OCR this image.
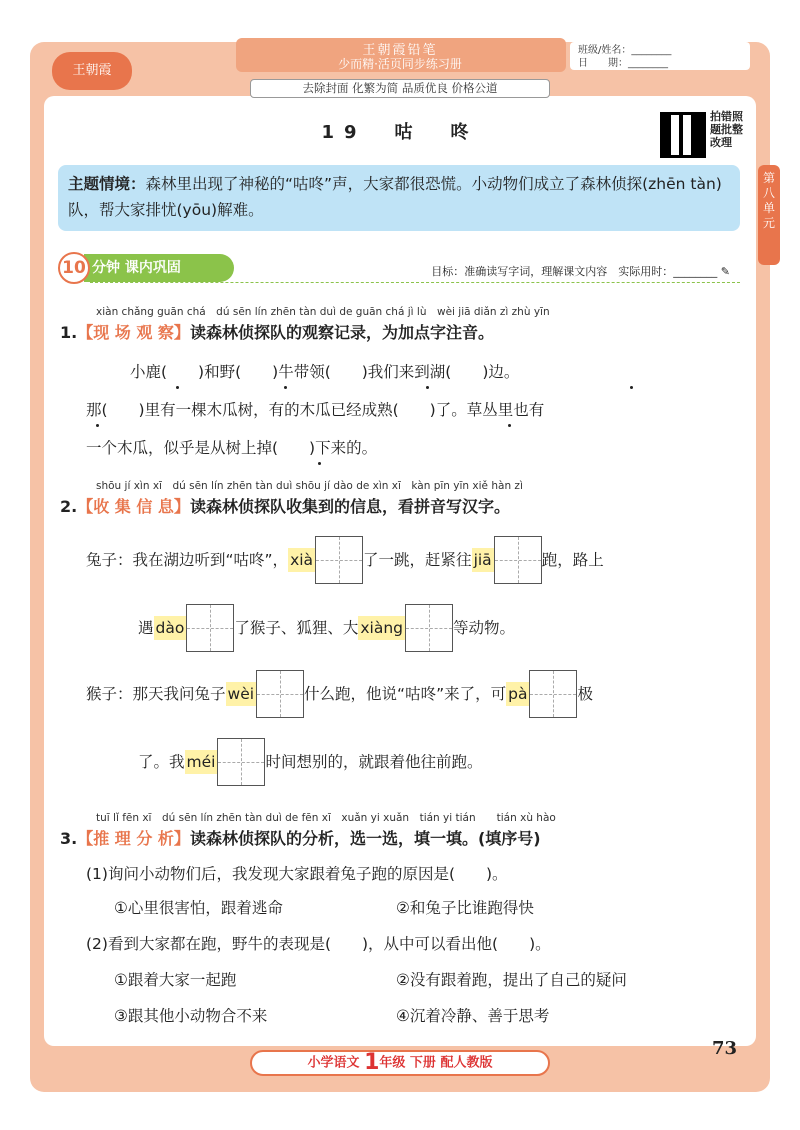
王朝霞
王朝霞铅笔
少而精·活页同步练习册
去除封面 化繁为简 品质优良 价格公道
班级/姓名：________
日　　期：________
19　咕　咚
拍错照题批整改理
主题情境：森林里出现了神秘的“咕咚”声，大家都很恐慌。小动物们成立了森林侦探(zhēn tàn)队，帮大家排忧(yōu)解难。
第八单元
分钟 课内巩固
10	目标：准确读写字词，理解课文内容　实际用时：________ ✎
xiàn chǎng guān chá　dú sēn lín zhēn tàn duì de guān chá jì lù　wèi jiā diǎn zì zhù yīn
1.【现 场 观 察】读森林侦探队的观察记录，为加点字注音。
小鹿(　　)和野(　　)牛带领(　　)我们来到湖(　　)边。
那(　　)里有一棵木瓜树，有的木瓜已经成熟(　　)了。草丛里也有
一个木瓜，似乎是从树上掉(　　)下来的。
shōu jí xìn xī　dú sēn lín zhēn tàn duì shōu jí dào de xìn xī　kàn pīn yīn xiě hàn zì
2.【收 集 信 息】读森林侦探队收集到的信息，看拼音写汉字。
兔子：我在湖边听到“咕咚”， xià	了一跳，赶紧往 jiā	跑，路上
遇 dào	了猴子、狐狸、大 xiàng	等动物。
猴子：那天我问兔子 wèi	什么跑，他说“咕咚”来了，可 pà	极
了。我 méi	时间想别的，就跟着他往前跑。
tuī lǐ fēn xī　dú sēn lín zhēn tàn duì de fēn xī　xuǎn yi xuǎn　tián yi tián　　tián xù hào
3.【推 理 分 析】读森林侦探队的分析，选一选，填一填。(填序号)
(1)询问小动物们后，我发现大家跟着兔子跑的原因是(　　)。
①心里很害怕，跟着逃命	②和兔子比谁跑得快
(2)看到大家都在跑，野牛的表现是(　　)，从中可以看出他(　　)。
①跟着大家一起跑	②没有跟着跑，提出了自己的疑问
③跟其他小动物合不来	④沉着冷静、善于思考
小学语文 1年级 下册 配人教版
73
